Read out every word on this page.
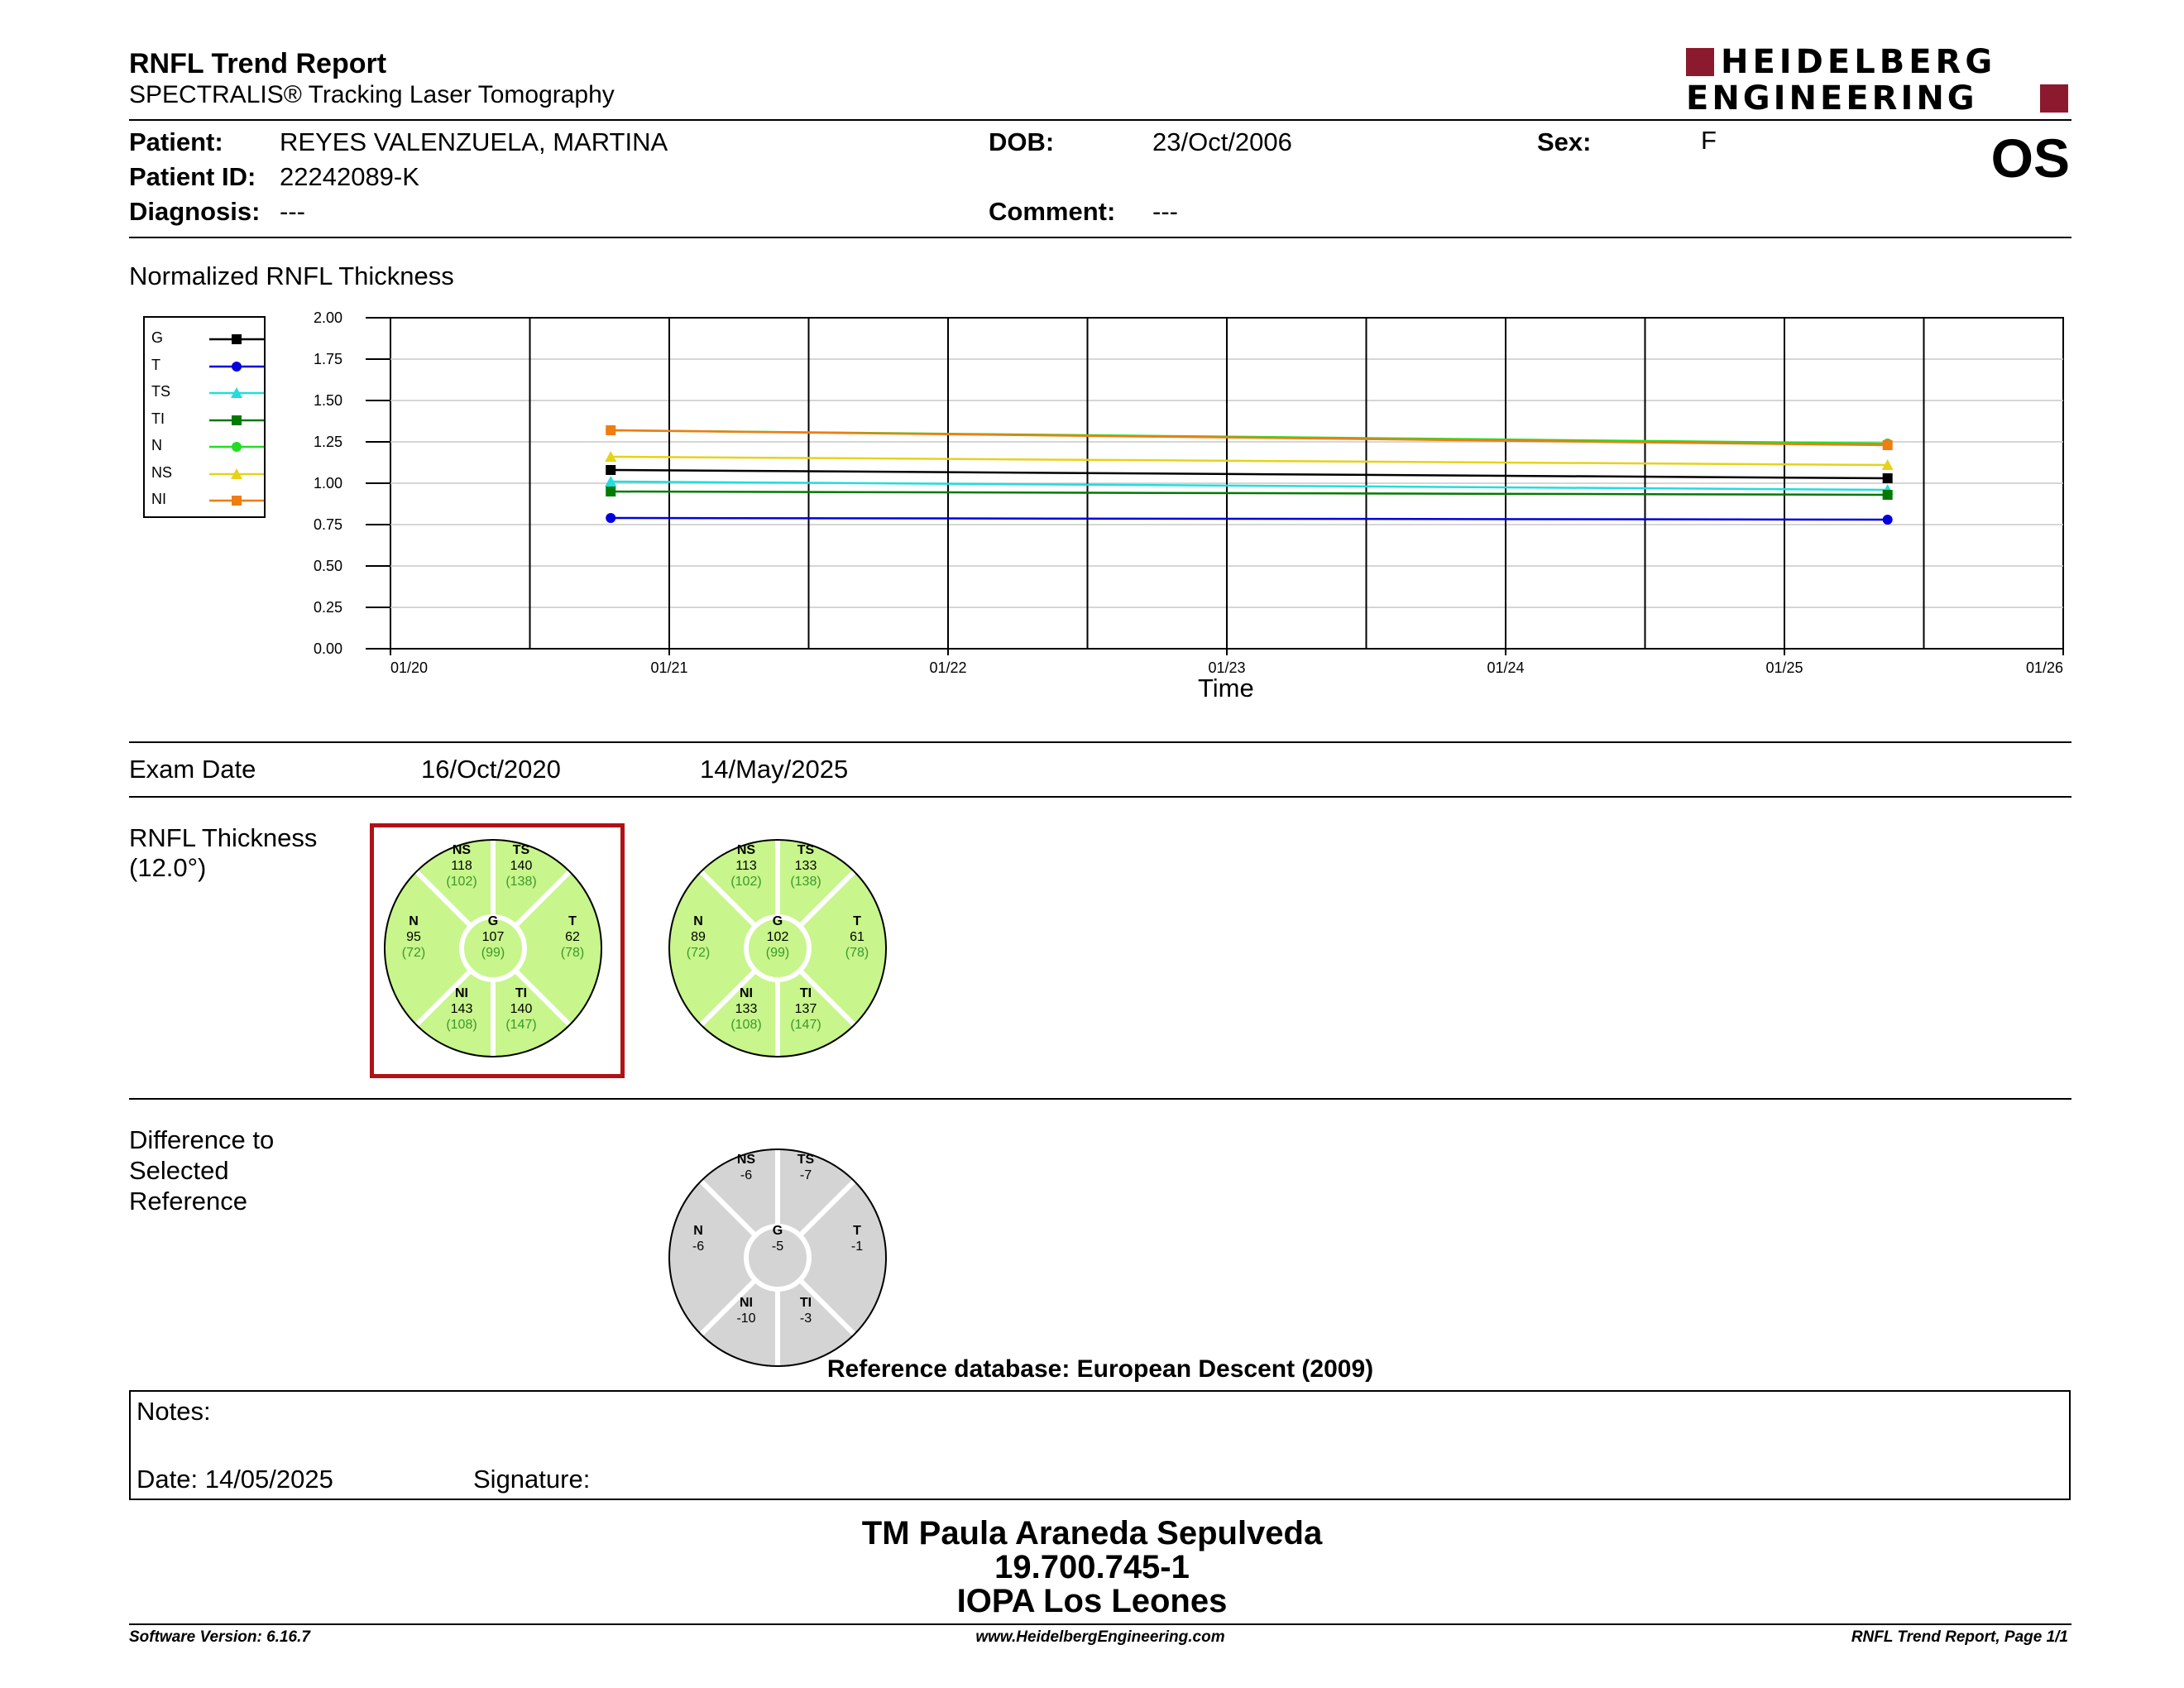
RNFL Trend Report
SPECTRALIS® Tracking Laser Tomography
HEIDELBERG
ENGINEERING
OS
Patient: REYES VALENZUELA, MARTINA
Patient ID: 22242089-K
Diagnosis: ---
DOB:	23/Oct/2006
Comment: ---
Sex:	F
Normalized RNFL Thickness
G
T
TS
TI
N
NS
NI
0.00
0.25
0.50
0.75
1.00
1.25
1.50
1.75
2.00
01/20	01/21	01/22	01/23	01/24	01/25	01/26
Time
Exam Date	16/Oct/2020	14/May/2025
RNFL Thickness
(12.0°)
NS
118
(102)
TS
140
(138)
N
95
(72)
G
107
(99)
T
62
(78)
NI
143
(108)
TI
140
(147)
NS
113
(102)
TS
133
(138)
N
89
(72)
G
102
(99)
T
61
(78)
NI
133
(108)
TI
137
(147)
Difference to
Selected
Reference
NS
-6
TS
-7
N
-6
G
-5
T
-1
NI
-10
TI
-3
Reference database: European Descent (2009)
Notes:
Date: 14/05/2025	Signature:
TM Paula Araneda Sepulveda
19.700.745-1
IOPA Los Leones
Software Version: 6.16.7	www.HeidelbergEngineering.com	RNFL Trend Report, Page 1/1
